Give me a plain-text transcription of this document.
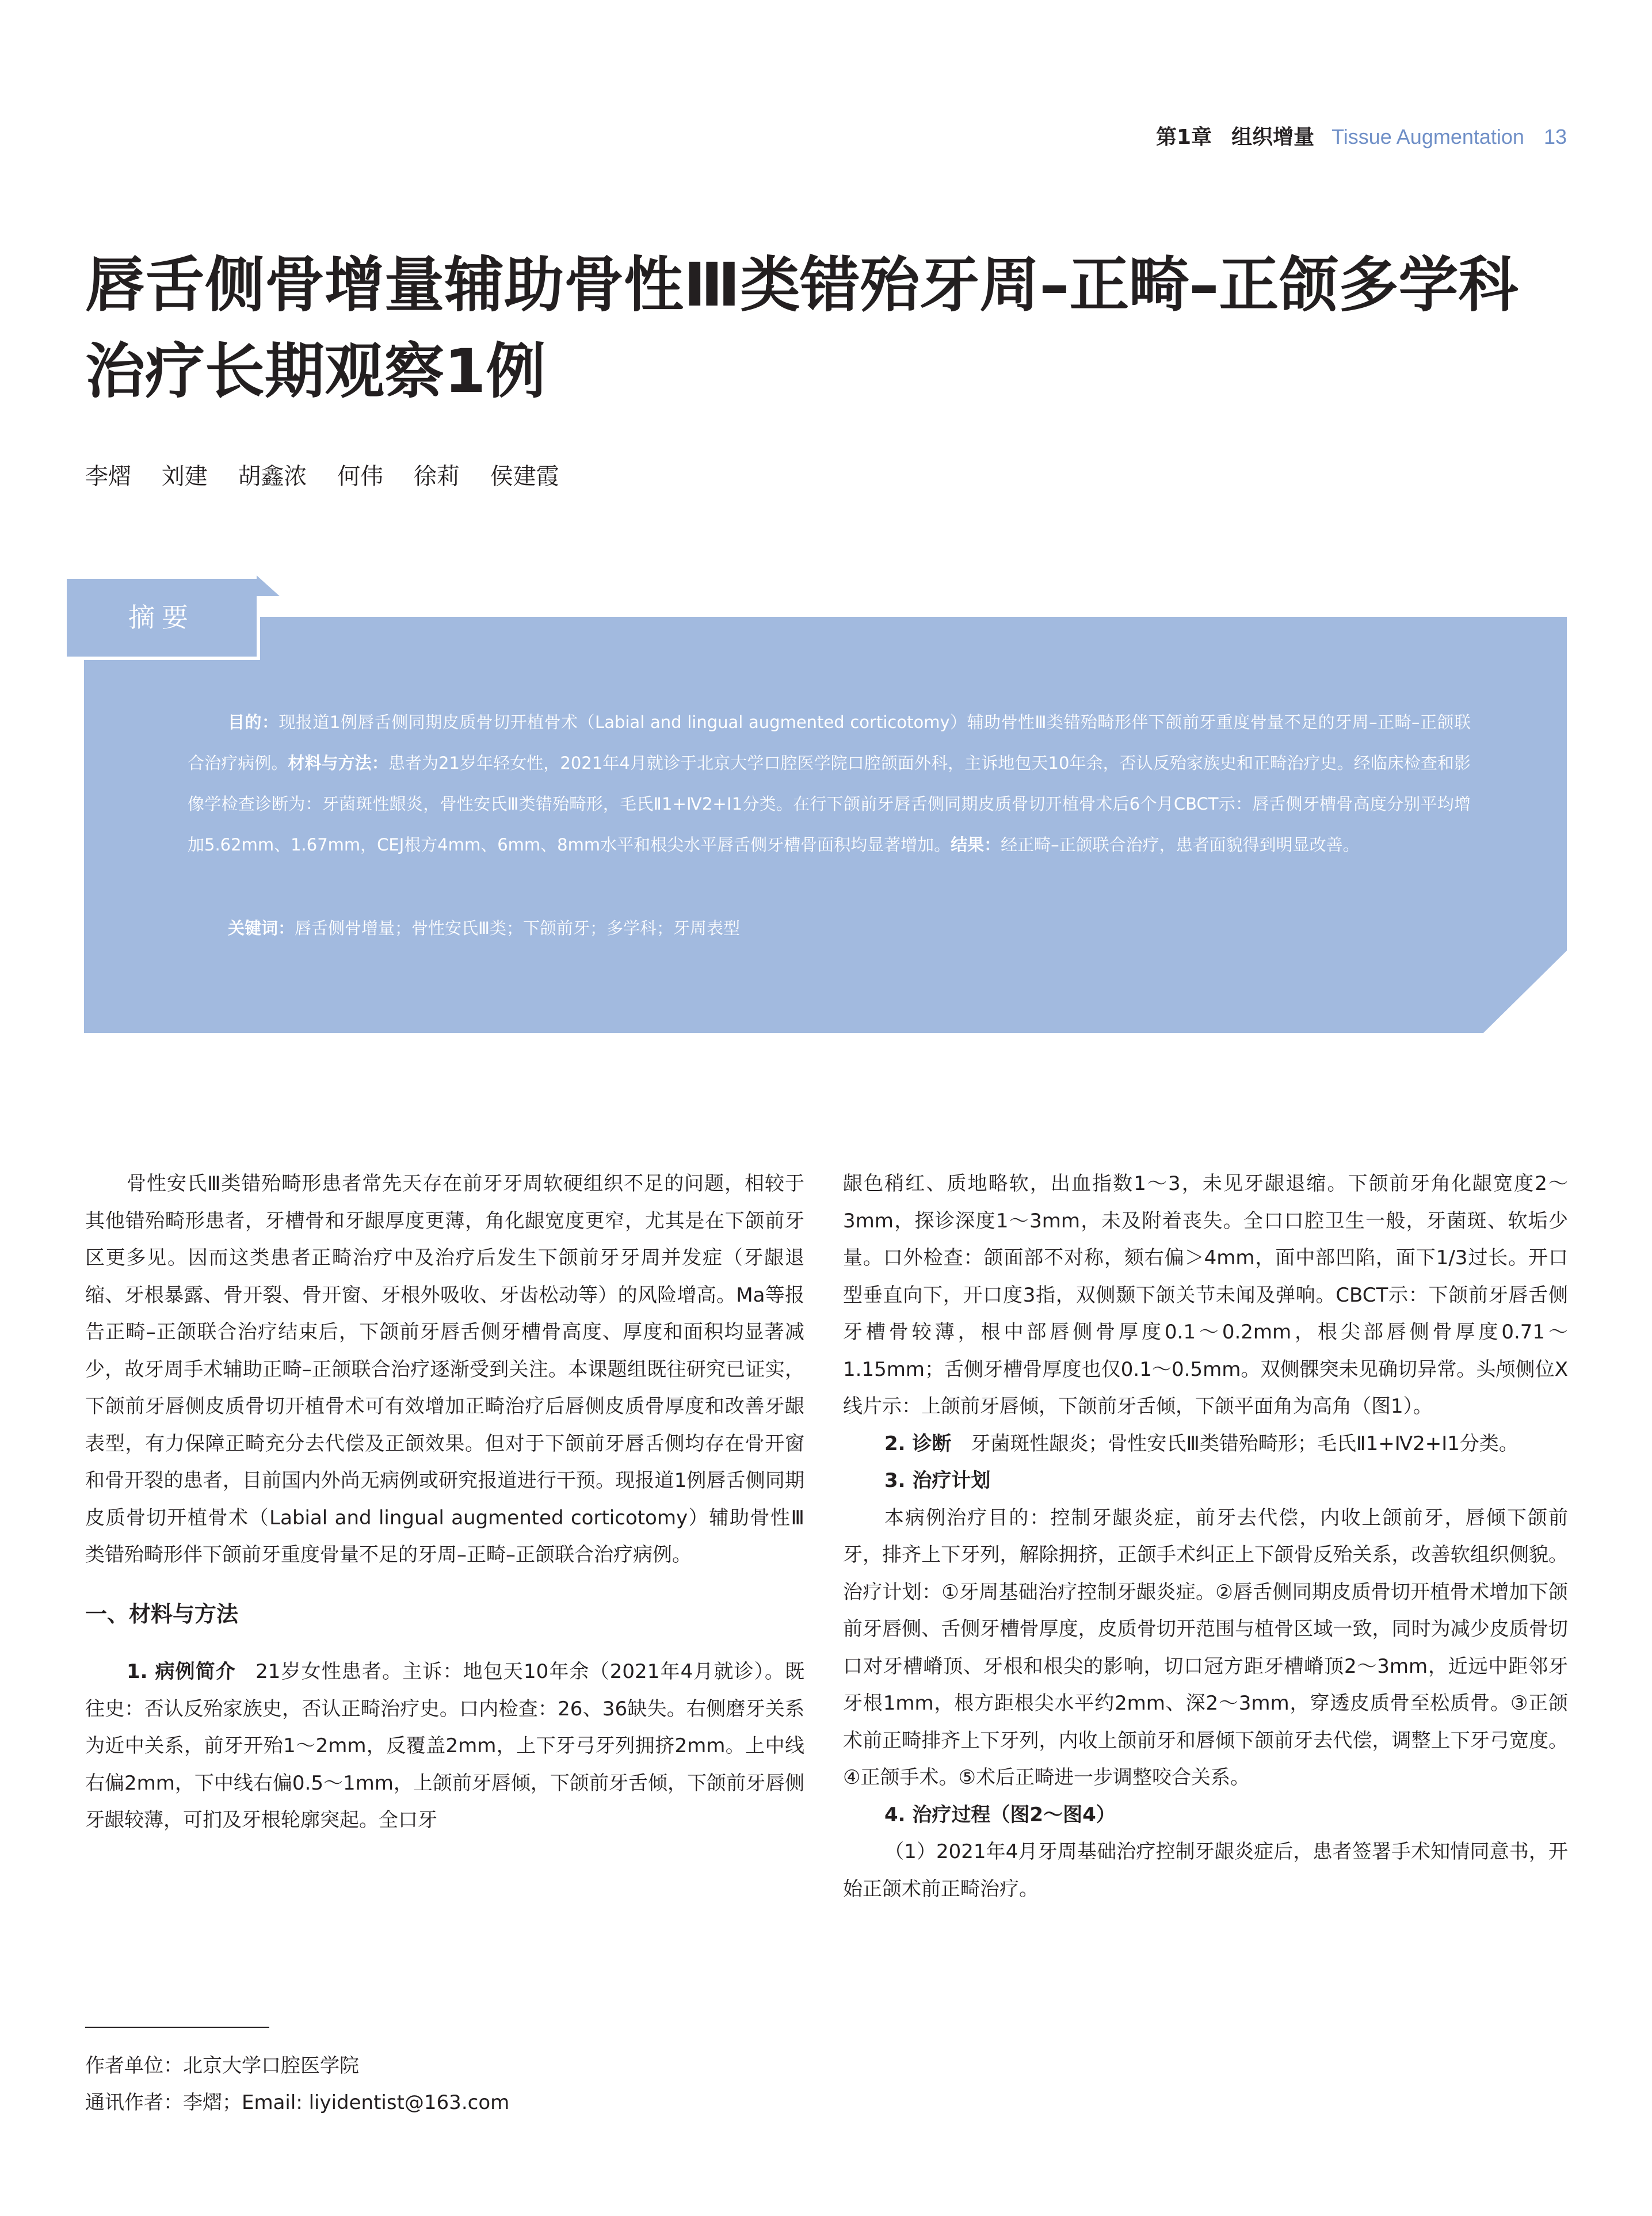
第1章 组织增量 Tissue Augmentation 13
唇舌侧骨增量辅助骨性Ⅲ类错殆牙周–正畸–正颌多学科
治疗长期观察1例
李熠 刘建 胡鑫浓 何伟 徐莉 侯建霞
摘要

目的：现报道1例唇舌侧同期皮质骨切开植骨术（Labial and lingual augmented corticotomy）辅助骨性Ⅲ类错殆畸形伴下颌前牙重度骨量不足的牙周–正畸–正颌联合治疗病例。材料与方法：患者为21岁年轻女性，2021年4月就诊于北京大学口腔医学院口腔颌面外科，主诉地包天10年余，否认反殆家族史和正畸治疗史。经临床检查和影像学检查诊断为：牙菌斑性龈炎，骨性安氏Ⅲ类错殆畸形，毛氏Ⅱ1+Ⅳ2+Ⅰ1分类。在行下颌前牙唇舌侧同期皮质骨切开植骨术后6个月CBCT示：唇舌侧牙槽骨高度分别平均增加5.62mm、1.67mm，CEJ根方4mm、6mm、8mm水平和根尖水平唇舌侧牙槽骨面积均显著增加。结果：经正畸–正颌联合治疗，患者面貌得到明显改善。

关键词：唇舌侧骨增量；骨性安氏Ⅲ类；下颌前牙；多学科；牙周表型

骨性安氏Ⅲ类错殆畸形患者常先天存在前牙牙周软硬组织不足的问题，相较于其他错殆畸形患者，牙槽骨和牙龈厚度更薄，角化龈宽度更窄，尤其是在下颌前牙区更多见。因而这类患者正畸治疗中及治疗后发生下颌前牙牙周并发症（牙龈退缩、牙根暴露、骨开裂、骨开窗、牙根外吸收、牙齿松动等）的风险增高。Ma等报告正畸–正颌联合治疗结束后，下颌前牙唇舌侧牙槽骨高度、厚度和面积均显著减少，故牙周手术辅助正畸–正颌联合治疗逐渐受到关注。本课题组既往研究已证实，下颌前牙唇侧皮质骨切开植骨术可有效增加正畸治疗后唇侧皮质骨厚度和改善牙龈表型，有力保障正畸充分去代偿及正颌效果。但对于下颌前牙唇舌侧均存在骨开窗和骨开裂的患者，目前国内外尚无病例或研究报道进行干预。现报道1例唇舌侧同期皮质骨切开植骨术（Labial and lingual augmented corticotomy）辅助骨性Ⅲ类错殆畸形伴下颌前牙重度骨量不足的牙周–正畸–正颌联合治疗病例。

一、材料与方法

1. 病例简介  21岁女性患者。主诉：地包天10年余（2021年4月就诊）。既往史：否认反殆家族史，否认正畸治疗史。口内检查：26、36缺失。右侧磨牙关系为近中关系，前牙开殆1～2mm，反覆盖2mm，上下牙弓牙列拥挤2mm。上中线右偏2mm，下中线右偏0.5～1mm，上颌前牙唇倾，下颌前牙舌倾，下颌前牙唇侧牙龈较薄，可扪及牙根轮廓突起。全口牙

龈色稍红、质地略软，出血指数1～3，未见牙龈退缩。下颌前牙角化龈宽度2～3mm，探诊深度1～3mm，未及附着丧失。全口口腔卫生一般，牙菌斑、软垢少量。口外检查：颌面部不对称，颏右偏＞4mm，面中部凹陷，面下1/3过长。开口型垂直向下，开口度3指，双侧颞下颌关节未闻及弹响。CBCT示：下颌前牙唇舌侧牙槽骨较薄，根中部唇侧骨厚度0.1～0.2mm，根尖部唇侧骨厚度0.71～1.15mm；舌侧牙槽骨厚度也仅0.1～0.5mm。双侧髁突未见确切异常。头颅侧位X线片示：上颌前牙唇倾，下颌前牙舌倾，下颌平面角为高角（图1）。

2. 诊断  牙菌斑性龈炎；骨性安氏Ⅲ类错殆畸形；毛氏Ⅱ1+Ⅳ2+Ⅰ1分类。

3. 治疗计划

本病例治疗目的：控制牙龈炎症，前牙去代偿，内收上颌前牙，唇倾下颌前牙，排齐上下牙列，解除拥挤，正颌手术纠正上下颌骨反殆关系，改善软组织侧貌。治疗计划：①牙周基础治疗控制牙龈炎症。②唇舌侧同期皮质骨切开植骨术增加下颌前牙唇侧、舌侧牙槽骨厚度，皮质骨切开范围与植骨区域一致，同时为减少皮质骨切口对牙槽嵴顶、牙根和根尖的影响，切口冠方距牙槽嵴顶2～3mm，近远中距邻牙牙根1mm，根方距根尖水平约2mm、深2～3mm，穿透皮质骨至松质骨。③正颌术前正畸排齐上下牙列，内收上颌前牙和唇倾下颌前牙去代偿，调整上下牙弓宽度。④正颌手术。⑤术后正畸进一步调整咬合关系。

4. 治疗过程（图2～图4）

（1）2021年4月牙周基础治疗控制牙龈炎症后，患者签署手术知情同意书，开始正颌术前正畸治疗。

作者单位：北京大学口腔医学院
通讯作者：李熠；Email: liyidentist@163.com
